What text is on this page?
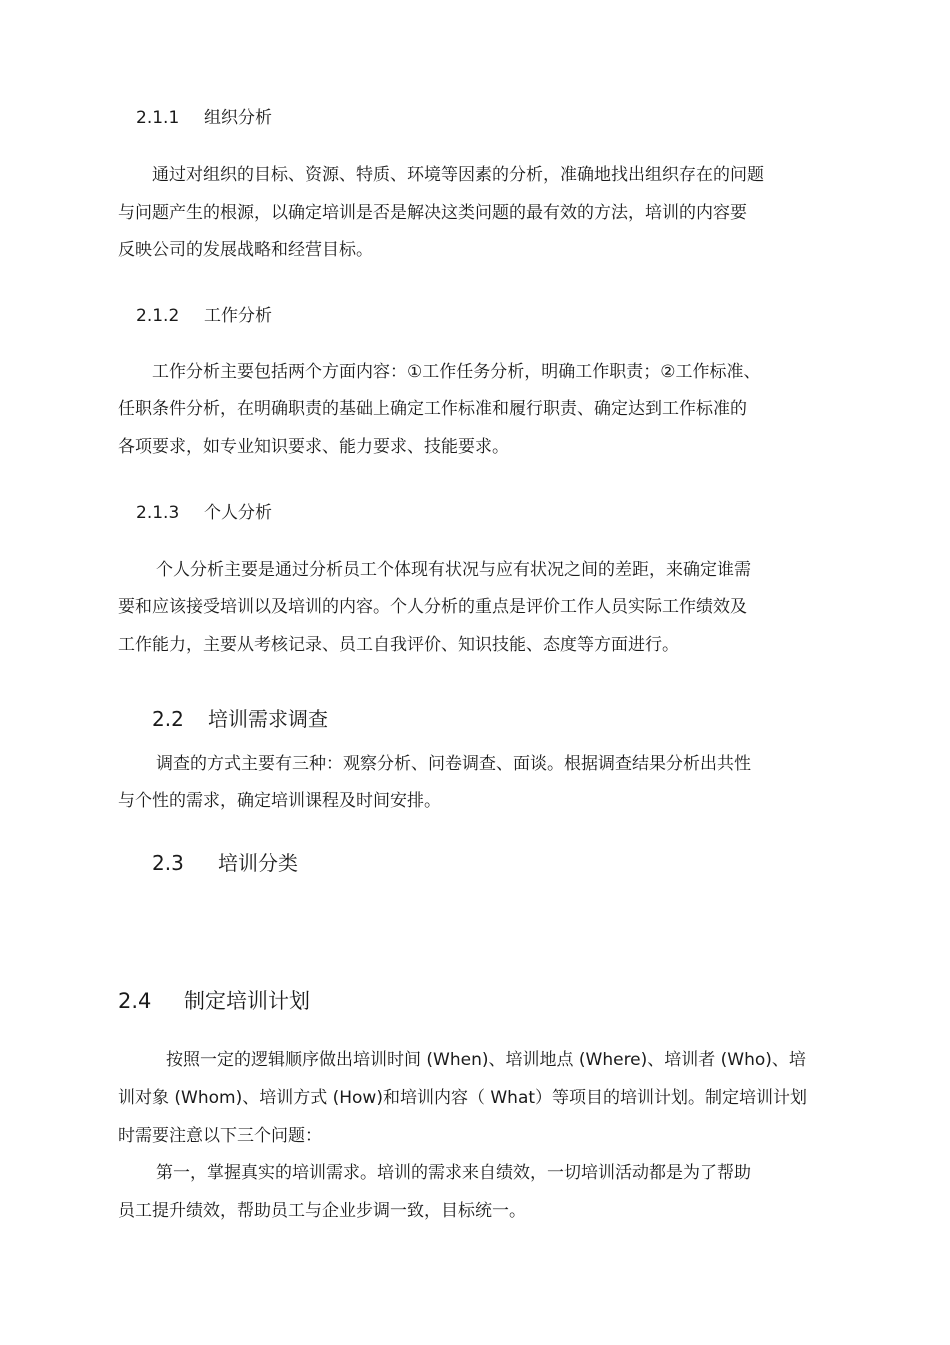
2.1.1 组织分析
通过对组织的目标、资源、特质、环境等因素的分析，准确地找出组织存在的问题
与问题产生的根源，以确定培训是否是解决这类问题的最有效的方法，培训的内容要
反映公司的发展战略和经营目标。
2.1.2 工作分析
工作分析主要包括两个方面内容：①工作任务分析，明确工作职责；②工作标准、
任职条件分析，在明确职责的基础上确定工作标准和履行职责、确定达到工作标准的
各项要求，如专业知识要求、能力要求、技能要求。
2.1.3 个人分析
个人分析主要是通过分析员工个体现有状况与应有状况之间的差距，来确定谁需
要和应该接受培训以及培训的内容。个人分析的重点是评价工作人员实际工作绩效及
工作能力，主要从考核记录、员工自我评价、知识技能、态度等方面进行。
2.2 培训需求调查
调查的方式主要有三种：观察分析、问卷调查、面谈。根据调查结果分析出共性
与个性的需求，确定培训课程及时间安排。
2.3 培训分类
2.4 制定培训计划
按照一定的逻辑顺序做出培训时间 (When)、培训地点 (Where)、培训者 (Who)、培
训对象 (Whom)、培训方式 (How)和培训内容（ What）等项目的培训计划。制定培训计划
时需要注意以下三个问题：
第一，掌握真实的培训需求。培训的需求来自绩效，一切培训活动都是为了帮助
员工提升绩效，帮助员工与企业步调一致，目标统一。
